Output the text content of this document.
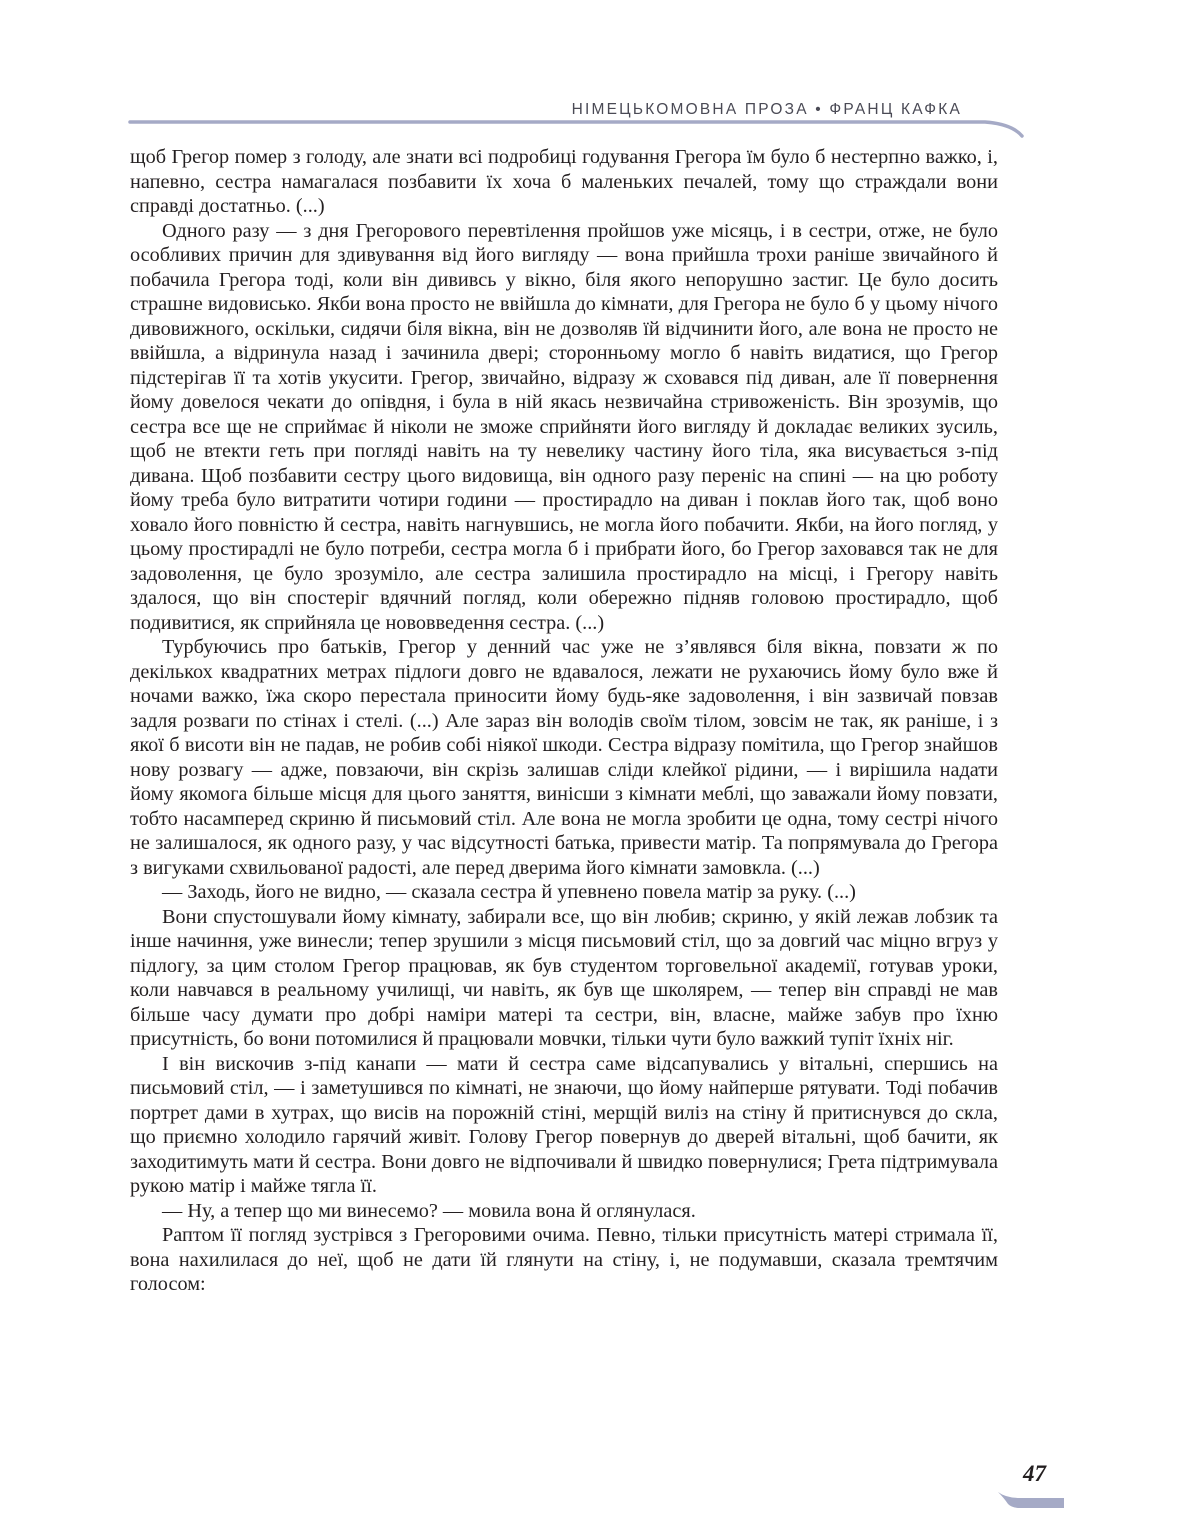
НІМЕЦЬКОМОВНА ПРОЗА • ФРАНЦ КАФКА

щоб Грегор помер з голоду, але знати всі подробиці годування Грегора їм було б нестерпно важко, і, напевно, сестра намагалася позбавити їх хоча б маленьких печалей, тому що страждали вони справді достатньо. (...)

Одного разу — з дня Грегорового перевтілення пройшов уже місяць, і в сестри, отже, не було особливих причин для здивування від його вигляду — вона прийшла трохи раніше звичайного й побачила Грегора тоді, коли він дививсь у вікно, біля якого непорушно застиг. Це було досить страшне видовисько. Якби вона просто не ввійшла до кімнати, для Грегора не було б у цьому нічого дивовижного, оскільки, сидячи біля вікна, він не дозволяв їй відчинити його, але вона не просто не ввійшла, а відринула назад і зачинила двері; сторонньому могло б навіть видатися, що Грегор підстерігав її та хотів укусити. Грегор, звичайно, відразу ж сховався під диван, але її повернення йому довелося чекати до опівдня, і була в ній якась незвичайна стривоженість. Він зрозумів, що сестра все ще не сприймає й ніколи не зможе сприйняти його вигляду й докладає великих зусиль, щоб не втекти геть при погляді навіть на ту невелику частину його тіла, яка висувається з-під дивана. Щоб позбавити сестру цього видовища, він одного разу переніс на спині — на цю роботу йому треба було витратити чотири години — простирадло на диван і поклав його так, щоб воно ховало його повністю й сестра, навіть нагнувшись, не могла його побачити. Якби, на його погляд, у цьому простирадлі не було потреби, сестра могла б і прибрати його, бо Грегор заховався так не для задоволення, це було зрозуміло, але сестра залишила простирадло на місці, і Грегору навіть здалося, що він спостеріг вдячний погляд, коли обережно підняв головою простирадло, щоб подивитися, як сприйняла це нововведення сестра. (...)

Турбуючись про батьків, Грегор у денний час уже не з’являвся біля вікна, повзати ж по декількох квадратних метрах підлоги довго не вдавалося, лежати не рухаючись йому було вже й ночами важко, їжа скоро перестала приносити йому будь-яке задоволення, і він зазвичай повзав задля розваги по стінах і стелі. (...) Але зараз він володів своїм тілом, зовсім не так, як раніше, і з якої б висоти він не падав, не робив собі ніякої шкоди. Сестра відразу помітила, що Грегор знайшов нову розвагу — адже, повзаючи, він скрізь залишав сліди клейкої рідини, — і вирішила надати йому якомога більше місця для цього заняття, винісши з кімнати меблі, що заважали йому повзати, тобто насамперед скриню й письмовий стіл. Але вона не могла зробити це одна, тому сестрі нічого не залишалося, як одного разу, у час відсутності батька, привести матір. Та попрямувала до Грегора з вигуками схвильованої радості, але перед дверима його кімнати замовкла. (...)

— Заходь, його не видно, — сказала сестра й упевнено повела матір за руку. (...)

Вони спустошували йому кімнату, забирали все, що він любив; скриню, у якій лежав лобзик та інше начиння, уже винесли; тепер зрушили з місця письмовий стіл, що за довгий час міцно вгруз у підлогу, за цим столом Грегор працював, як був студентом торговельної академії, готував уроки, коли навчався в реальному училищі, чи навіть, як був ще школярем, — тепер він справді не мав більше часу думати про добрі наміри матері та сестри, він, власне, майже забув про їхню присутність, бо вони потомилися й працювали мовчки, тільки чути було важкий тупіт їхніх ніг.

І він вискочив з-під канапи — мати й сестра саме відсапувались у вітальні, спершись на письмовий стіл, — і заметушився по кімнаті, не знаючи, що йому найперше рятувати. Тоді побачив портрет дами в хутрах, що висів на порожній стіні, мерщій виліз на стіну й притиснувся до скла, що приємно холодило гарячий живіт. Голову Грегор повернув до дверей вітальні, щоб бачити, як заходитимуть мати й сестра. Вони довго не відпочивали й швидко повернулися; Грета підтримувала рукою матір і майже тягла її.

— Ну, а тепер що ми винесемо? — мовила вона й оглянулася.

Раптом її погляд зустрівся з Грегоровими очима. Певно, тільки присутність матері стримала її, вона нахилилася до неї, щоб не дати їй глянути на стіну, і, не подумавши, сказала тремтячим голосом:

47
